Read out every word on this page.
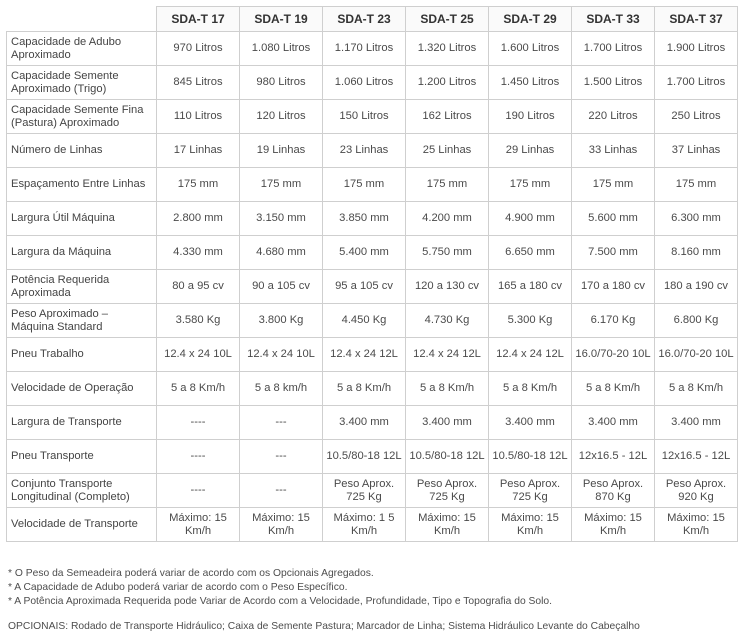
	SDA-T 17	SDA-T 19	SDA-T 23	SDA-T 25	SDA-T 29	SDA-T 33	SDA-T 37
Capacidade de Adubo Aproximado	970 Litros	1.080 Litros	1.170 Litros	1.320 Litros	1.600 Litros	1.700 Litros	1.900 Litros
Capacidade Semente Aproximado (Trigo)	845 Litros	980 Litros	1.060 Litros	1.200 Litros	1.450 Litros	1.500 Litros	1.700 Litros
Capacidade Semente Fina (Pastura) Aproximado	110 Litros	120 Litros	150 Litros	162 Litros	190 Litros	220 Litros	250 Litros
Número de Linhas	17 Linhas	19 Linhas	23 Linhas	25 Linhas	29 Linhas	33 Linhas	37 Linhas
Espaçamento Entre Linhas	175 mm	175 mm	175 mm	175 mm	175 mm	175 mm	175 mm
Largura Útil Máquina	2.800 mm	3.150 mm	3.850 mm	4.200 mm	4.900 mm	5.600 mm	6.300 mm
Largura da Máquina	4.330 mm	4.680 mm	5.400 mm	5.750 mm	6.650 mm	7.500 mm	8.160 mm
Potência Requerida Aproximada	80 a 95 cv	90 a 105 cv	95 a 105 cv	120 a 130 cv	165 a 180 cv	170 a 180 cv	180 a 190 cv
Peso Aproximado – Máquina Standard	3.580 Kg	3.800 Kg	4.450 Kg	4.730 Kg	5.300 Kg	6.170 Kg	6.800 Kg
Pneu Trabalho	12.4 x 24 10L	12.4 x 24 10L	12.4 x 24 12L	12.4 x 24 12L	12.4 x 24 12L	16.0/70-20 10L	16.0/70-20 10L
Velocidade de Operação	5 a 8 Km/h	5 a 8 km/h	5 a 8 Km/h	5 a 8 Km/h	5 a 8 Km/h	5 a 8 Km/h	5 a 8 Km/h
Largura de Transporte	----	---	3.400 mm	3.400 mm	3.400 mm	3.400 mm	3.400 mm
Pneu Transporte	----	---	10.5/80-18 12L	10.5/80-18 12L	10.5/80-18 12L	12x16.5 - 12L	12x16.5 - 12L
Conjunto Transporte Longitudinal (Completo)	----	---	Peso Aprox. 725 Kg	Peso Aprox. 725 Kg	Peso Aprox. 725 Kg	Peso Aprox. 870 Kg	Peso Aprox. 920 Kg
Velocidade de Transporte	Máximo: 15 Km/h	Máximo: 15 Km/h	Máximo: 1 5 Km/h	Máximo: 15 Km/h	Máximo: 15 Km/h	Máximo: 15 Km/h	Máximo: 15 Km/h

* O Peso da Semeadeira poderá variar de acordo com os Opcionais Agregados.

* A Capacidade de Adubo poderá variar de acordo com o Peso Específico.

* A Potência Aproximada Requerida pode Variar de Acordo com a Velocidade, Profundidade, Tipo e Topografia do Solo.

OPCIONAIS: Rodado de Transporte Hidráulico; Caixa de Semente Pastura; Marcador de Linha; Sistema Hidráulico Levante do Cabeçalho
